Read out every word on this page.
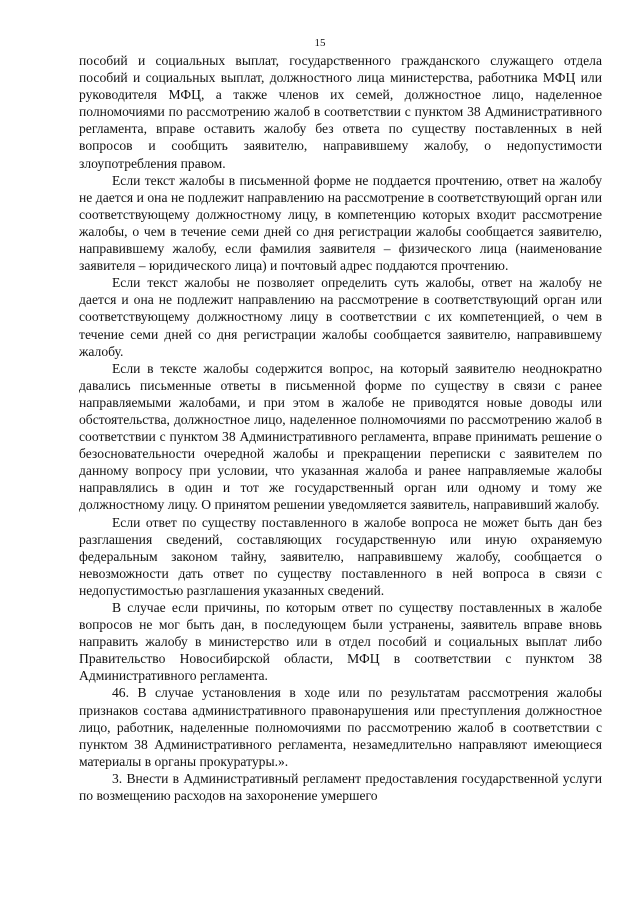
15

пособий и социальных выплат, государственного гражданского служащего отдела пособий и социальных выплат, должностного лица министерства, работника МФЦ или руководителя МФЦ, а также членов их семей, должностное лицо, наделенное полномочиями по рассмотрению жалоб в соответствии с пунктом 38 Административного регламента, вправе оставить жалобу без ответа по существу поставленных в ней вопросов и сообщить заявителю, направившему жалобу, о недопустимости злоупотребления правом.

Если текст жалобы в письменной форме не поддается прочтению, ответ на жалобу не дается и она не подлежит направлению на рассмотрение в соответствующий орган или соответствующему должностному лицу, в компетенцию которых входит рассмотрение жалобы, о чем в течение семи дней со дня регистрации жалобы сообщается заявителю, направившему жалобу, если фамилия заявителя – физического лица (наименование заявителя – юридического лица) и почтовый адрес поддаются прочтению.

Если текст жалобы не позволяет определить суть жалобы, ответ на жалобу не дается и она не подлежит направлению на рассмотрение в соответствующий орган или соответствующему должностному лицу в соответствии с их компетенцией, о чем в течение семи дней со дня регистрации жалобы сообщается заявителю, направившему жалобу.

Если в тексте жалобы содержится вопрос, на который заявителю неоднократно давались письменные ответы в письменной форме по существу в связи с ранее направляемыми жалобами, и при этом в жалобе не приводятся новые доводы или обстоятельства, должностное лицо, наделенное полномочиями по рассмотрению жалоб в соответствии с пунктом 38 Административного регламента, вправе принимать решение о безосновательности очередной жалобы и прекращении переписки с заявителем по данному вопросу при условии, что указанная жалоба и ранее направляемые жалобы направлялись в один и тот же государственный орган или одному и тому же должностному лицу. О принятом решении уведомляется заявитель, направивший жалобу.

Если ответ по существу поставленного в жалобе вопроса не может быть дан без разглашения сведений, составляющих государственную или иную охраняемую федеральным законом тайну, заявителю, направившему жалобу, сообщается о невозможности дать ответ по существу поставленного в ней вопроса в связи с недопустимостью разглашения указанных сведений.

В случае если причины, по которым ответ по существу поставленных в жалобе вопросов не мог быть дан, в последующем были устранены, заявитель вправе вновь направить жалобу в министерство или в отдел пособий и социальных выплат либо Правительство Новосибирской области, МФЦ в соответствии с пунктом 38 Административного регламента.

46. В случае установления в ходе или по результатам рассмотрения жалобы признаков состава административного правонарушения или преступления должностное лицо, работник, наделенные полномочиями по рассмотрению жалоб в соответствии с пунктом 38 Административного регламента, незамедлительно направляют имеющиеся материалы в органы прокуратуры.».

3. Внести в Административный регламент предоставления государственной услуги по возмещению расходов на захоронение умершего
